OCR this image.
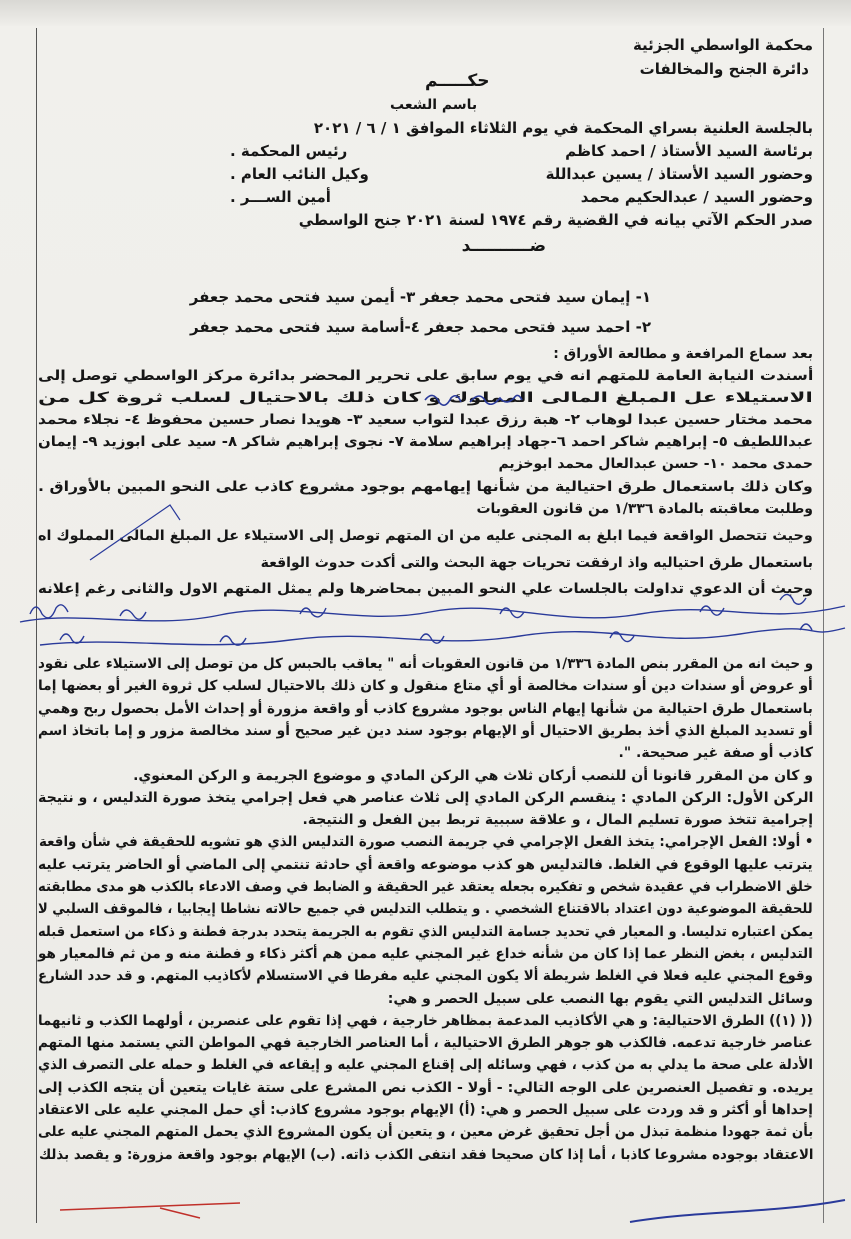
محكمة الواسطي الجزئية
دائرة الجنح والمخالفات
حكـــــم
باسم الشعب
بالجلسة العلنية بسراي المحكمة في يوم الثلاثاء الموافق ١ / ٦ / ٢٠٢١
برئاسة السيد الأستاذ / احمد كاظم
رئيس المحكمة .
وحضور السيد الأستاذ / يسين عبداللة
وكيل النائب العام .
وحضور السيد / عبدالحكيم محمد
أمين الســـر .
صدر الحكم الآتي بيانه في القضية رقم ١٩٧٤ لسنة ٢٠٢١ جنح الواسطي
ضــــــــــد
١- إيمان سيد فتحى محمد جعفر ٣- أيمن سيد فتحى محمد جعفر
٢- احمد سيد فتحى محمد جعفر ٤-أسامة سيد فتحى محمد جعفر
بعد سماع المرافعة و مطالعة الأوراق :
أسندت النيابة العامة للمتهم انه في يوم سابق على تحرير المحضر بدائرة مركز الواسطي توصل إلى
الاستيلاء عل المبلغ المالى المملوك و كان ذلك بالاحتيال لسلب ثروة كل من
محمد مختار حسين عبدا لوهاب ٢- هبة رزق عبدا لتواب سعيد ٣- هويدا نصار حسين محفوظ ٤- نجلاء محمد
عبداللطيف ٥- إبراهيم شاكر احمد ٦-جهاد إبراهيم سلامة ٧- نجوى إبراهيم شاكر ٨- سيد على ابوزيد ٩- إيمان
حمدى محمد ١٠- حسن عبدالعال محمد ابوخزيم
وكان ذلك باستعمال طرق احتيالية من شأنها إيهامهم بوجود مشروع كاذب على النحو المبين بالأوراق .
وطلبت معاقبته بالمادة ١/٣٣٦ من قانون العقوبات
وحيث تتحصل الواقعة فيما ابلغ به المجنى عليه من ان المتهم توصل إلى الاستيلاء عل المبلغ المالى المملوك اه
باستعمال طرق احتياليه واذ ارفقت تحريات جهة البحث والتى أكدت حدوث الواقعة
وحيث أن الدعوي تداولت بالجلسات علي النحو المبين بمحاضرها ولم يمثل المتهم الاول والثانى رغم إعلانه
و حيث انه من المقرر بنص المادة ١/٣٣٦ من قانون العقوبات أنه " يعاقب بالحبس كل من توصل إلى الاستيلاء على نقود
أو عروض أو سندات دين أو سندات مخالصة أو أي متاع منقول و كان ذلك بالاحتيال لسلب كل ثروة الغير أو بعضها إما
باستعمال طرق احتيالية من شأنها إيهام الناس بوجود مشروع كاذب أو واقعة مزورة أو إحداث الأمل بحصول ربح وهمي
أو تسديد المبلغ الذي أخذ بطريق الاحتيال أو الإيهام بوجود سند دين غير صحيح أو سند مخالصة مزور و إما باتخاذ اسم
كاذب أو صفة غير صحيحة. ".
و كان من المقرر قانونا أن للنصب أركان ثلاث هي الركن المادي و موضوع الجريمة و الركن المعنوي.
الركن الأول: الركن المادي : ينقسم الركن المادي إلى ثلاث عناصر هي فعل إجرامي يتخذ صورة التدليس ، و نتيجة
إجرامية تتخذ صورة تسليم المال ، و علاقة سببية تربط بين الفعل و النتيجة.
• أولا: الفعل الإجرامي: يتخذ الفعل الإجرامي في جريمة النصب صورة التدليس الذي هو تشويه للحقيقة في شأن واقعة
يترتب عليها الوقوع في الغلط. فالتدليس هو كذب موضوعه واقعة أي حادثة تنتمي إلى الماضي أو الحاضر يترتب عليه
خلق الاضطراب في عقيدة شخص و تفكيره بجعله يعتقد غير الحقيقة و الضابط في وصف الادعاء بالكذب هو مدى مطابقته
للحقيقة الموضوعية دون اعتداد بالاقتناع الشخصي . و يتطلب التدليس في جميع حالاته نشاطا إيجابيا ، فالموقف السلبي لا
يمكن اعتباره تدليسا. و المعيار في تحديد جسامة التدليس الذي تقوم به الجريمة يتحدد بدرجة فطنة و ذكاء من استعمل قبله
التدليس ، بغض النظر عما إذا كان من شأنه خداع غير المجني عليه ممن هم أكثر ذكاء و فطنة منه و من ثم فالمعيار هو
وقوع المجني عليه فعلا في الغلط شريطة ألا يكون المجني عليه مفرطا في الاستسلام لأكاذيب المتهم. و قد حدد الشارع
وسائل التدليس التي يقوم بها النصب على سبيل الحصر و هي:
(( (١)) الطرق الاحتيالية: و هي الأكاذيب المدعمة بمظاهر خارجية ، فهي إذا تقوم على عنصرين ، أولهما الكذب و ثانيهما
عناصر خارجية تدعمه. فالكذب هو جوهر الطرق الاحتيالية ، أما العناصر الخارجية فهي المواطن التي يستمد منها المتهم
الأدلة على صحة ما يدلي به من كذب ، فهي وسائله إلى إقناع المجني عليه و إيقاعه في الغلط و حمله على التصرف الذي
يريده. و تفصيل العنصرين على الوجه التالي: - أولا - الكذب نص المشرع على ستة غايات يتعين أن يتجه الكذب إلى
إحداها أو أكثر و قد وردت على سبيل الحصر و هي: (أ) الإيهام بوجود مشروع كاذب: أي حمل المجني عليه على الاعتقاد
بأن ثمة جهودا منظمة تبذل من أجل تحقيق غرض معين ، و يتعين أن يكون المشروع الذي يحمل المتهم المجني عليه على
الاعتقاد بوجوده مشروعا كاذبا ، أما إذا كان صحيحا فقد انتفى الكذب ذاته. (ب) الإيهام بوجود واقعة مزورة: و يقصد بذلك
